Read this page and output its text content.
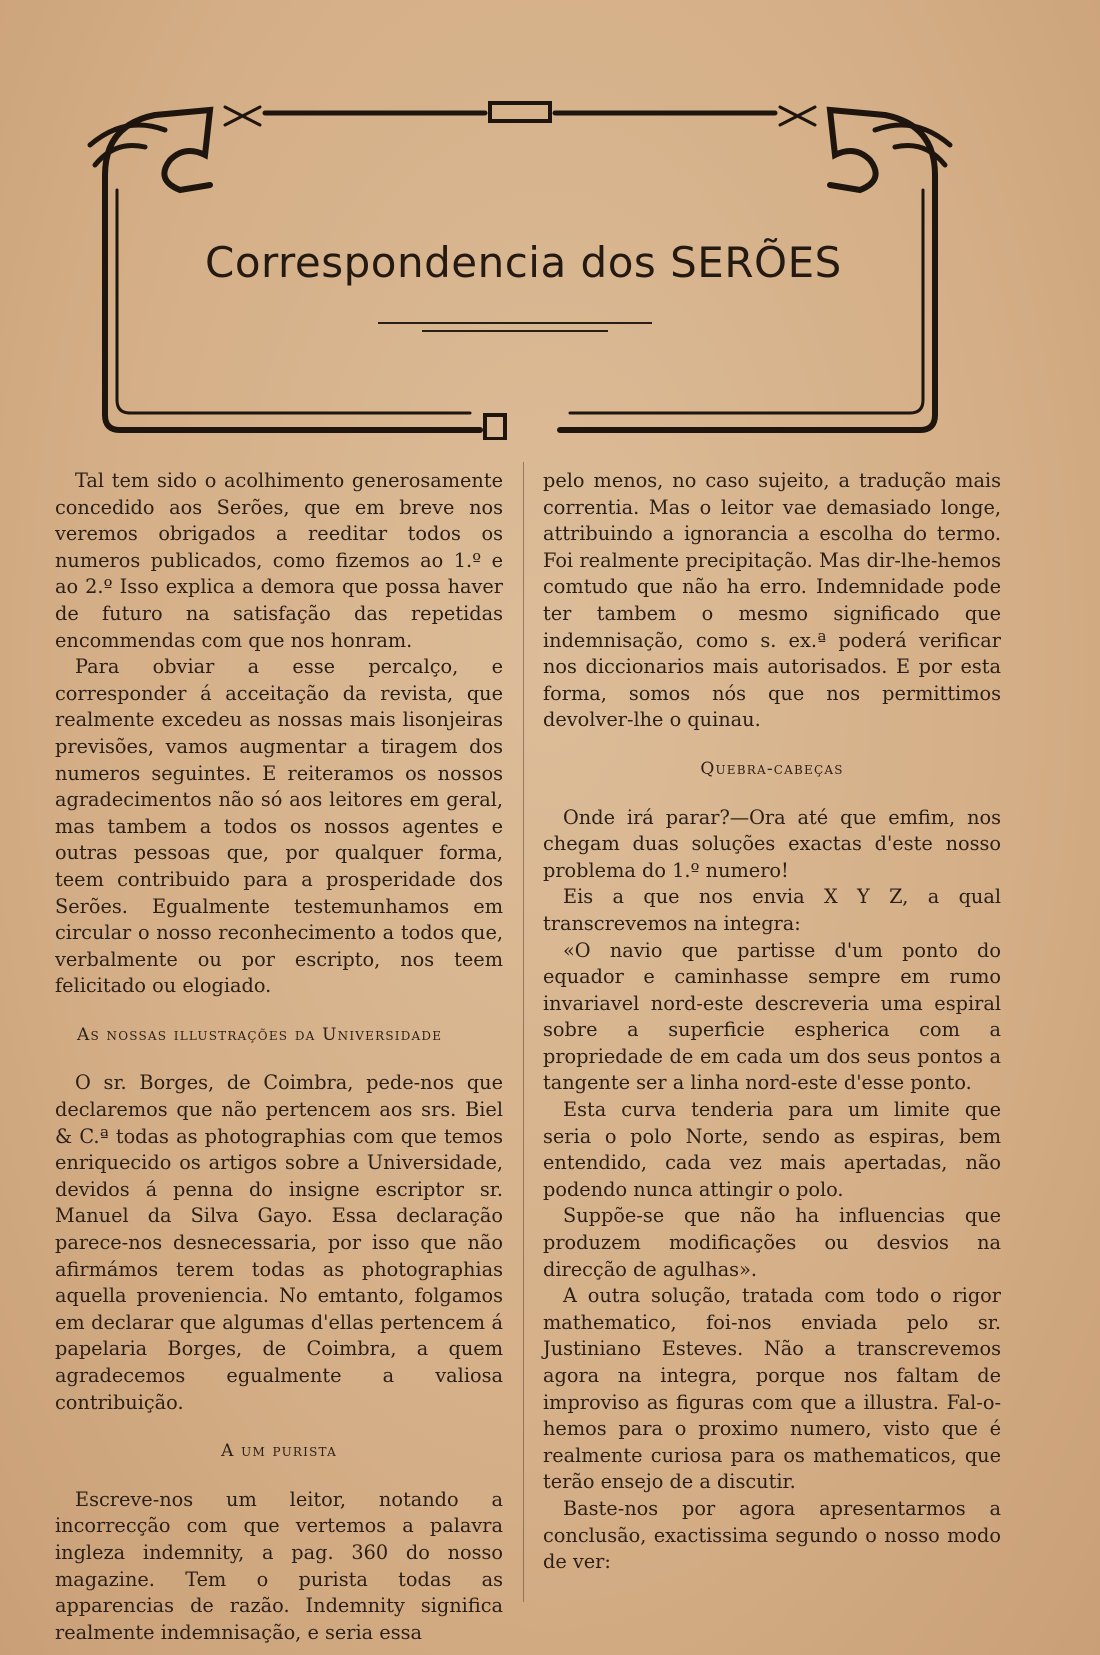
Correspondencia dos SERÕES

Tal tem sido o acolhimento generosamente concedido aos Serões, que em breve nos veremos obrigados a reeditar todos os numeros publicados, como fizemos ao 1.º e ao 2.º Isso explica a demora que possa haver de futuro na satisfação das repetidas encommendas com que nos honram.

Para obviar a esse percalço, e corresponder á acceitação da revista, que realmente excedeu as nossas mais lisonjeiras previsões, vamos augmentar a tiragem dos numeros seguintes. E reiteramos os nossos agradecimentos não só aos leitores em geral, mas tambem a todos os nossos agentes e outras pessoas que, por qualquer forma, teem contribuido para a prosperidade dos Serões. Egualmente testemunhamos em circular o nosso reconhecimento a todos que, verbalmente ou por escripto, nos teem felicitado ou elogiado.

As nossas illustrações da Universidade

O sr. Borges, de Coimbra, pede-nos que declaremos que não pertencem aos srs. Biel & C.ª todas as photographias com que temos enriquecido os artigos sobre a Universidade, devidos á penna do insigne escriptor sr. Manuel da Silva Gayo. Essa declaração parece-nos desnecessaria, por isso que não afirmámos terem todas as photographias aquella proveniencia. No emtanto, folgamos em declarar que algumas d'ellas pertencem á papelaria Borges, de Coimbra, a quem agradecemos egualmente a valiosa contribuição.

A um purista

Escreve-nos um leitor, notando a incorrecção com que vertemos a palavra ingleza indemnity, a pag. 360 do nosso magazine. Tem o purista todas as apparencias de razão. Indemnity significa realmente indemnisação, e seria essa

pelo menos, no caso sujeito, a tradução mais correntia. Mas o leitor vae demasiado longe, attribuindo a ignorancia a escolha do termo. Foi realmente precipitação. Mas dir-lhe-hemos comtudo que não ha erro. Indemnidade pode ter tambem o mesmo significado que indemnisação, como s. ex.ª poderá verificar nos diccionarios mais autorisados. E por esta forma, somos nós que nos permittimos devolver-lhe o quinau.

Quebra-cabeças

Onde irá parar?—Ora até que emfim, nos chegam duas soluções exactas d'este nosso problema do 1.º numero!

Eis a que nos envia X Y Z, a qual transcrevemos na integra:

«O navio que partisse d'um ponto do equador e caminhasse sempre em rumo invariavel nord-este descreveria uma espiral sobre a superficie espherica com a propriedade de em cada um dos seus pontos a tangente ser a linha nord-este d'esse ponto.

Esta curva tenderia para um limite que seria o polo Norte, sendo as espiras, bem entendido, cada vez mais apertadas, não podendo nunca attingir o polo.

Suppõe-se que não ha influencias que produzem modificações ou desvios na direcção de agulhas».

A outra solução, tratada com todo o rigor mathematico, foi-nos enviada pelo sr. Justiniano Esteves. Não a transcrevemos agora na integra, porque nos faltam de improviso as figuras com que a illustra. Fal-o-hemos para o proximo numero, visto que é realmente curiosa para os mathematicos, que terão ensejo de a discutir.

Baste-nos por agora apresentarmos a conclusão, exactissima segundo o nosso modo de ver:
